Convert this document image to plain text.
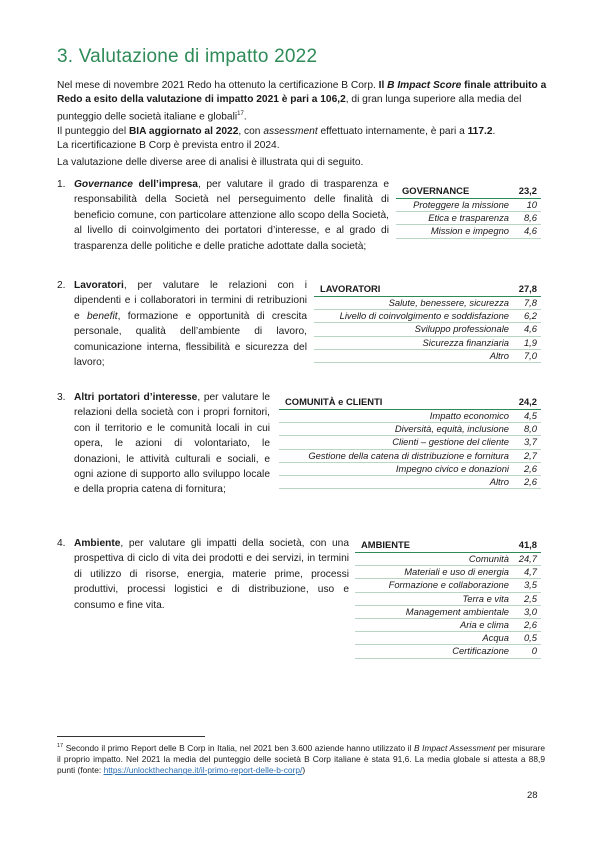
3. Valutazione di impatto 2022

Nel mese di novembre 2021 Redo ha ottenuto la certificazione B Corp. Il B Impact Score finale attribuito a Redo a esito della valutazione di impatto 2021 è pari a 106,2, di gran lunga superiore alla media del punteggio delle società italiane e globali$^{17}$.

Il punteggio del BIA aggiornato al 2022, con assessment effettuato internamente, è pari a 117.2.

La ricertificazione B Corp è prevista entro il 2024.

La valutazione delle diverse aree di analisi è illustrata qui di seguito.
1. Governance dell’impresa, per valutare il grado di trasparenza e responsabilità della Società nel perseguimento delle finalità di beneficio comune, con particolare attenzione allo scopo della Società, al livello di coinvolgimento dei portatori d’interesse, e al grado di trasparenza delle politiche e delle pratiche adottate dalla società;
GOVERNANCE	23,2
Proteggere la missione	10
Etica e trasparenza	8,6
Mission e impegno	4,6
2. Lavoratori, per valutare le relazioni con i dipendenti e i collaboratori in termini di retribuzioni e benefit, formazione e opportunità di crescita personale, qualità dell’ambiente di lavoro, comunicazione interna, flessibilità e sicurezza del lavoro;
LAVORATORI	27,8
Salute, benessere, sicurezza	7,8
Livello di coinvolgimento e soddisfazione	6,2
Sviluppo professionale	4,6
Sicurezza finanziaria	1,9
Altro	7,0
3. Altri portatori d’interesse, per valutare le relazioni della società con i propri fornitori, con il territorio e le comunità locali in cui opera, le azioni di volontariato, le donazioni, le attività culturali e sociali, e ogni azione di supporto allo sviluppo locale e della propria catena di fornitura;
COMUNITÀ e CLIENTI	24,2
Impatto economico	4,5
Diversità, equità, inclusione	8,0
Clienti – gestione del cliente	3,7
Gestione della catena di distribuzione e fornitura	2,7
Impegno civico e donazioni	2,6
Altro	2,6
4. Ambiente, per valutare gli impatti della società, con una prospettiva di ciclo di vita dei prodotti e dei servizi, in termini di utilizzo di risorse, energia, materie prime, processi produttivi, processi logistici e di distribuzione, uso e consumo e fine vita.
AMBIENTE	41,8
Comunità	24,7
Materiali e uso di energia	4,7
Formazione e collaborazione	3,5
Terra e vita	2,5
Management ambientale	3,0
Aria e clima	2,6
Acqua	0,5
Certificazione	0
$^{17}$ Secondo il primo Report delle B Corp in Italia, nel 2021 ben 3.600 aziende hanno utilizzato il B Impact Assessment per misurare il proprio impatto. Nel 2021 la media del punteggio delle società B Corp italiane è stata 91,6. La media globale si attesta a 88,9 punti (fonte: https://unlockthechange.it/il-primo-report-delle-b-corp/)
28
